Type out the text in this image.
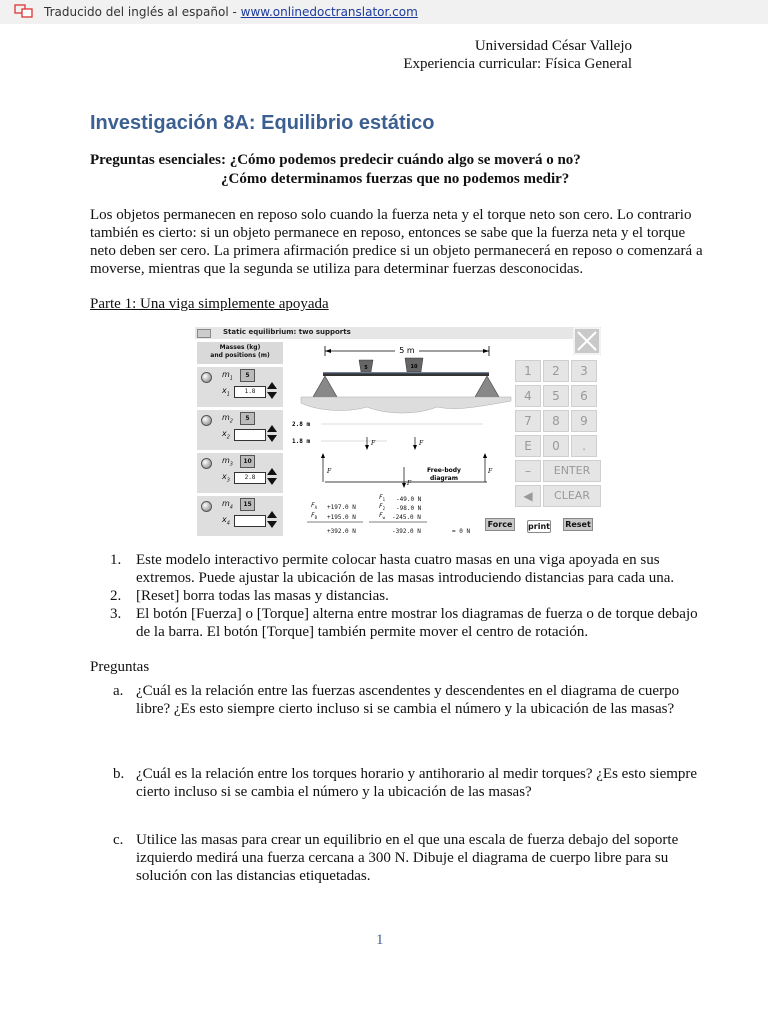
Traducido del inglés al español - www.onlinedoctranslator.com
Universidad César Vallejo
Experiencia curricular: Física General
Investigación 8A: Equilibrio estático
Preguntas esenciales: ¿Cómo podemos predecir cuándo algo se moverá o no?
¿Cómo determinamos fuerzas que no podemos medir?
Los objetos permanecen en reposo solo cuando la fuerza neta y el torque neto son cero. Lo contrario también es cierto: si un objeto permanece en reposo, entonces se sabe que la fuerza neta y el torque neto deben ser cero. La primera afirmación predice si un objeto permanecerá en reposo o comenzará a moverse, mientras que la segunda se utiliza para determinar fuerzas desconocidas.
Parte 1: Una viga simplemente apoyada
Static equilibrium: two supports
Masses (kg)
and positions (m)
$m_1$	5
$x_1$	1.8
$m_2$	5
$x_2$
$m_3$	10
$x_3$	2.8
$m_4$	15
$x_4$
5 m
5	10
2.8 m
1.8 m
F	F
F	F
F
Free-body
diagram
$F_A +197.0$ N
$F_B +195.0$ N
+392.0 N
$F_1$ -49.0 N
$F_2$ -98.0 N
$F_w$ -245.0 N
-392.0 N	= 0 N
1	2	3
4	5	6
7	8	9
E	0	.
–	ENTER
◀	CLEAR
Force	print Reset
1. Este modelo interactivo permite colocar hasta cuatro masas en una viga apoyada en sus extremos. Puede ajustar la ubicación de las masas introduciendo distancias para cada una.
2. [Reset] borra todas las masas y distancias.
3. El botón [Fuerza] o [Torque] alterna entre mostrar los diagramas de fuerza o de torque debajo de la barra. El botón [Torque] también permite mover el centro de rotación.
Preguntas
a. ¿Cuál es la relación entre las fuerzas ascendentes y descendentes en el diagrama de cuerpo libre? ¿Es esto siempre cierto incluso si se cambia el número y la ubicación de las masas?
b. ¿Cuál es la relación entre los torques horario y antihorario al medir torques? ¿Es esto siempre cierto incluso si se cambia el número y la ubicación de las masas?
c. Utilice las masas para crear un equilibrio en el que una escala de fuerza debajo del soporte izquierdo medirá una fuerza cercana a 300 N. Dibuje el diagrama de cuerpo libre para su solución con las distancias etiquetadas.
1
